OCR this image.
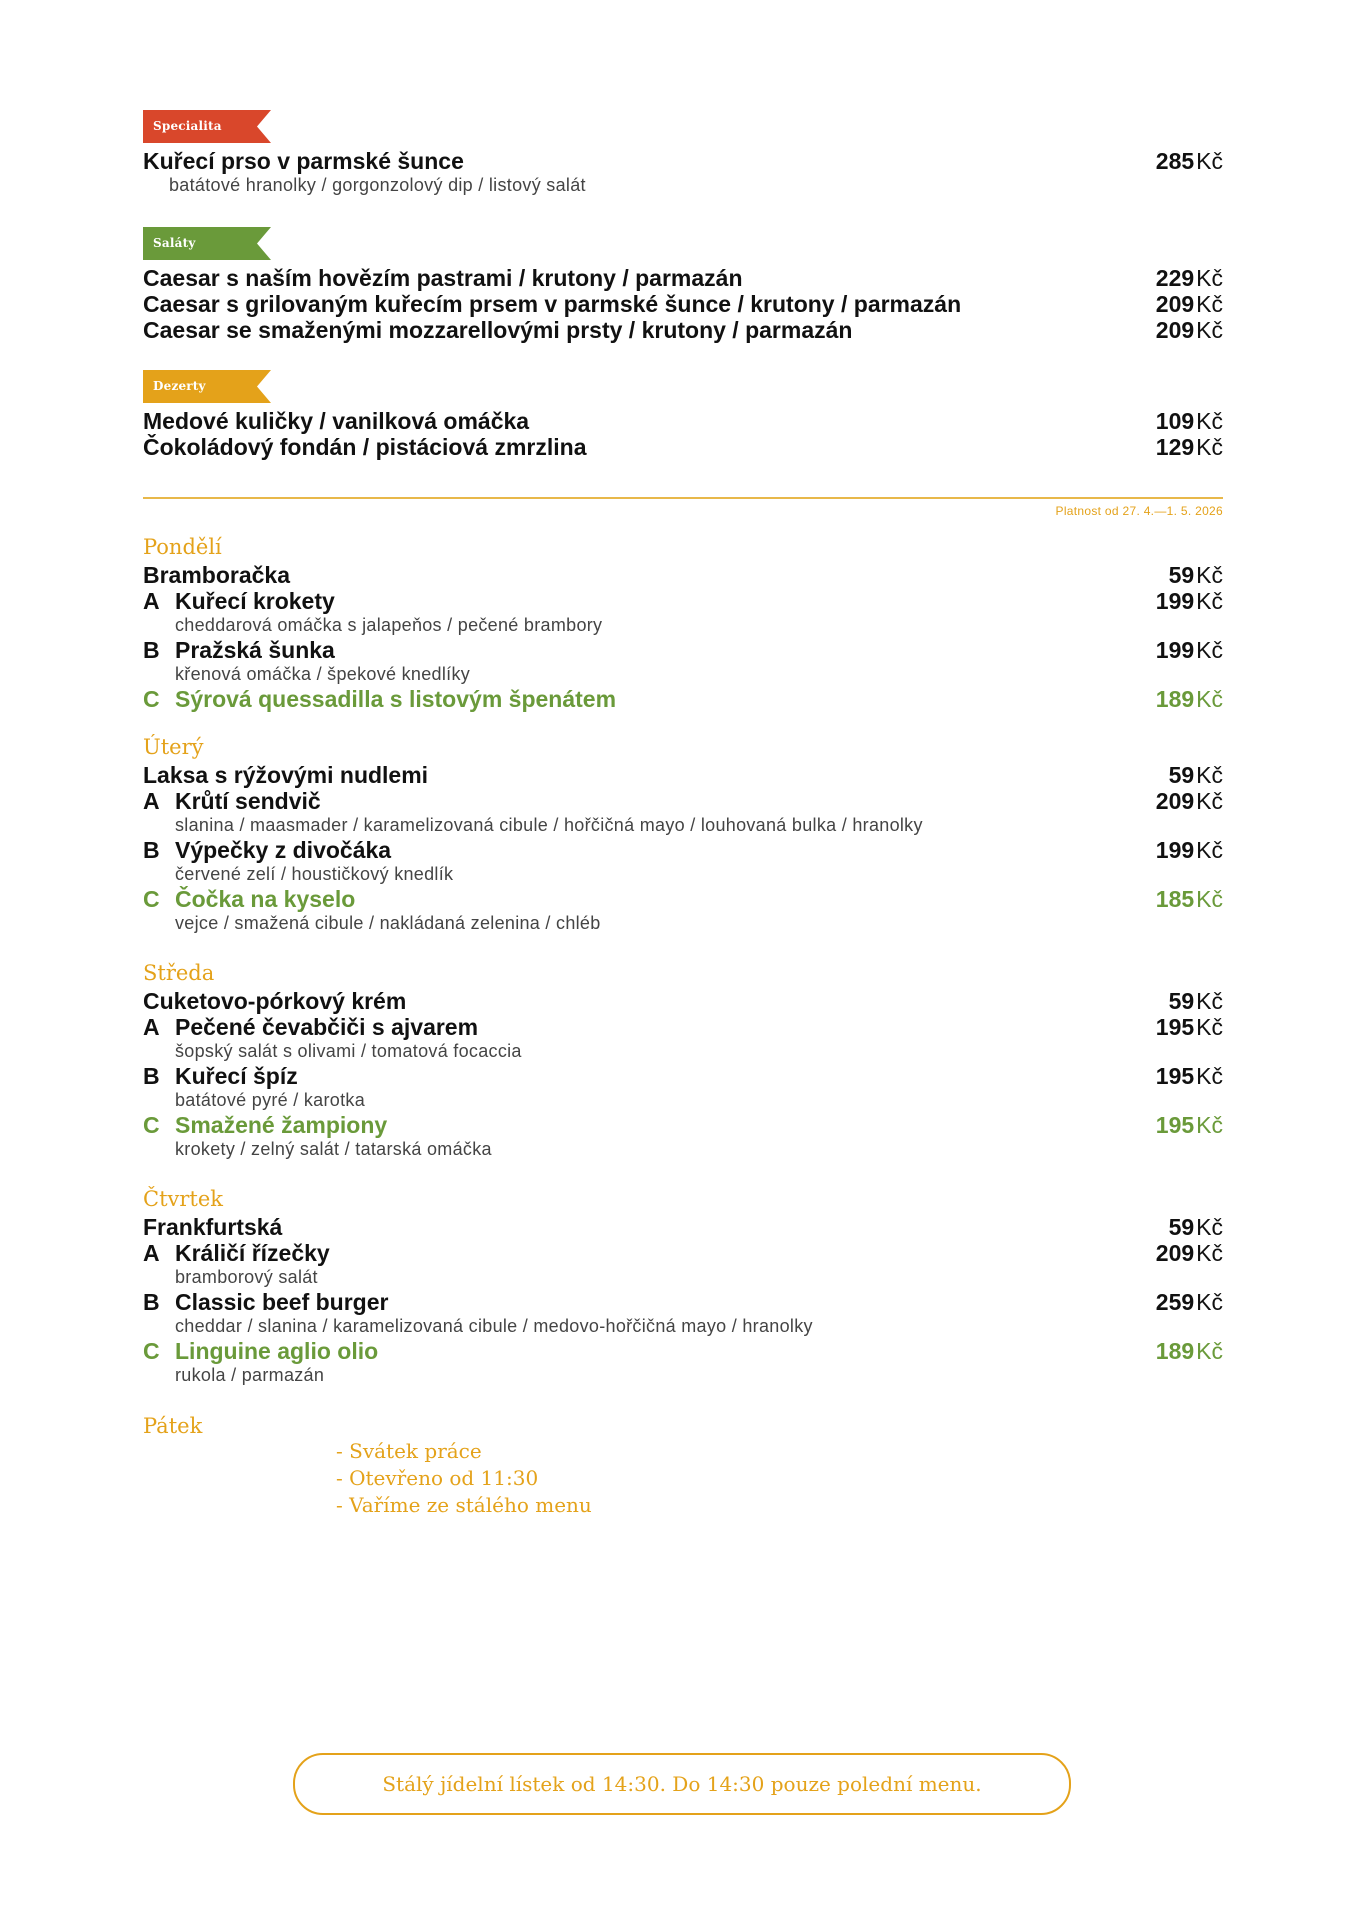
Specialita
Kuřecí prso v parmské šunce	285Kč
batátové hranolky / gorgonzolový dip / listový salát
Saláty
Caesar s naším hovězím pastrami / krutony / parmazán	229Kč
Caesar s grilovaným kuřecím prsem v parmské šunce / krutony / parmazán	209Kč
Caesar se smaženými mozzarellovými prsty / krutony / parmazán	209Kč
Dezerty
Medové kuličky / vanilková omáčka	109Kč
Čokoládový fondán / pistáciová zmrzlina	129Kč
Platnost od 27. 4.—1. 5. 2026
Pondělí
Bramboračka	59Kč
A Kuřecí krokety	199Kč
cheddarová omáčka s jalapeňos / pečené brambory
B Pražská šunka	199Kč
křenová omáčka / špekové knedlíky
C Sýrová quessadilla s listovým špenátem	189Kč
Úterý
Laksa s rýžovými nudlemi	59Kč
A Krůtí sendvič	209Kč
slanina / maasmader / karamelizovaná cibule / hořčičná mayo / louhovaná bulka / hranolky
B Výpečky z divočáka	199Kč
červené zelí / houstičkový knedlík
C Čočka na kyselo	185Kč
vejce / smažená cibule / nakládaná zelenina / chléb
Středa
Cuketovo-pórkový krém	59Kč
A Pečené čevabčiči s ajvarem	195Kč
šopský salát s olivami / tomatová focaccia
B Kuřecí špíz	195Kč
batátové pyré / karotka
C Smažené žampiony	195Kč
krokety / zelný salát / tatarská omáčka
Čtvrtek
Frankfurtská	59Kč
A Králičí řízečky	209Kč
bramborový salát
B Classic beef burger	259Kč
cheddar / slanina / karamelizovaná cibule / medovo-hořčičná mayo / hranolky
C Linguine aglio olio	189Kč
rukola / parmazán
Pátek
- Svátek práce
- Otevřeno od 11:30
- Vaříme ze stálého menu
Stálý jídelní lístek od 14:30. Do 14:30 pouze polední menu.
